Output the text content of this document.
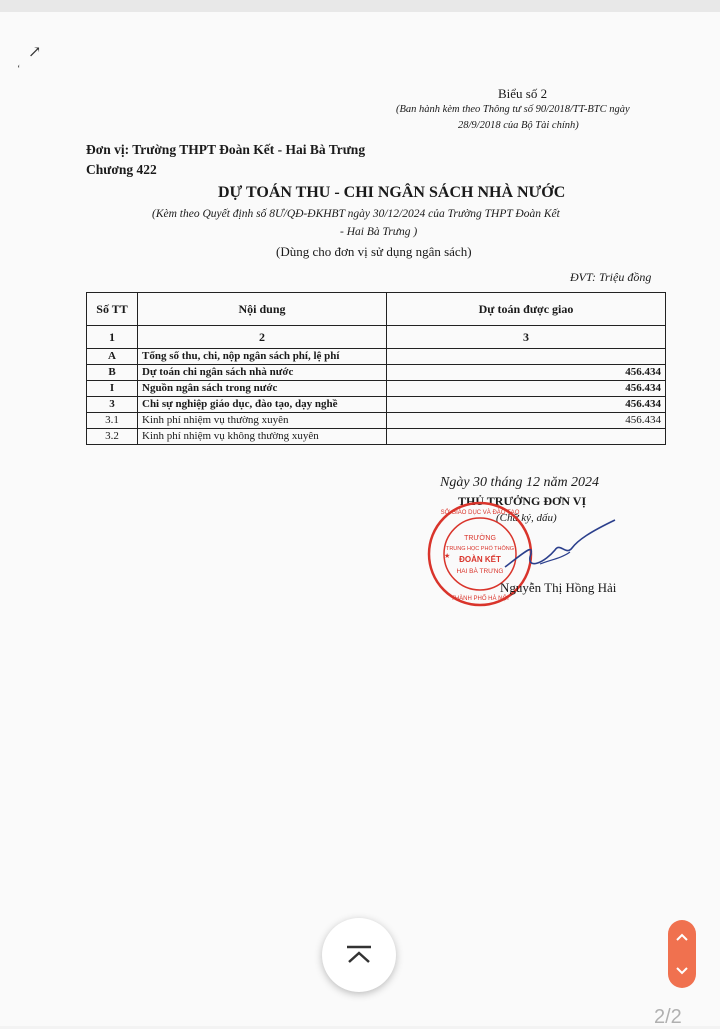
↗
ʻ
Biểu số 2
(Ban hành kèm theo Thông tư số 90/2018/TT-BTC ngày
28/9/2018 của Bộ Tài chính)
Đơn vị: Trường THPT Đoàn Kết - Hai Bà Trưng
Chương 422
DỰ TOÁN THU - CHI NGÂN SÁCH NHÀ NƯỚC
(Kèm theo Quyết định số 8Ư/QĐ-ĐKHBT ngày 30/12/2024 của Trường THPT Đoàn Kết
- Hai Bà Trưng )
(Dùng cho đơn vị sử dụng ngân sách)
ĐVT: Triệu đồng
Số TT	Nội dung	Dự toán được giao
1	2	3
A	Tổng số thu, chi, nộp ngân sách phí, lệ phí	
B	Dự toán chi ngân sách nhà nước	456.434
I	Nguồn ngân sách trong nước	456.434
3	Chi sự nghiệp giáo dục, đào tạo, dạy nghề	456.434
3.1	Kinh phí nhiệm vụ thường xuyên	456.434
3.2	Kinh phí nhiệm vụ không thường xuyên	
Ngày 30 tháng 12 năm 2024
THỦ TRƯỞNG ĐƠN VỊ
(Chữ ký, dấu)
TRƯỜNG
TRUNG HỌC PHỔ THÔNG
ĐOÀN KẾT
HAI BÀ TRƯNG
SỞ GIÁO DỤC VÀ ĐÀO TẠO
THÀNH PHỐ HÀ NỘI
★
Nguyễn Thị Hồng Hải
2/2
